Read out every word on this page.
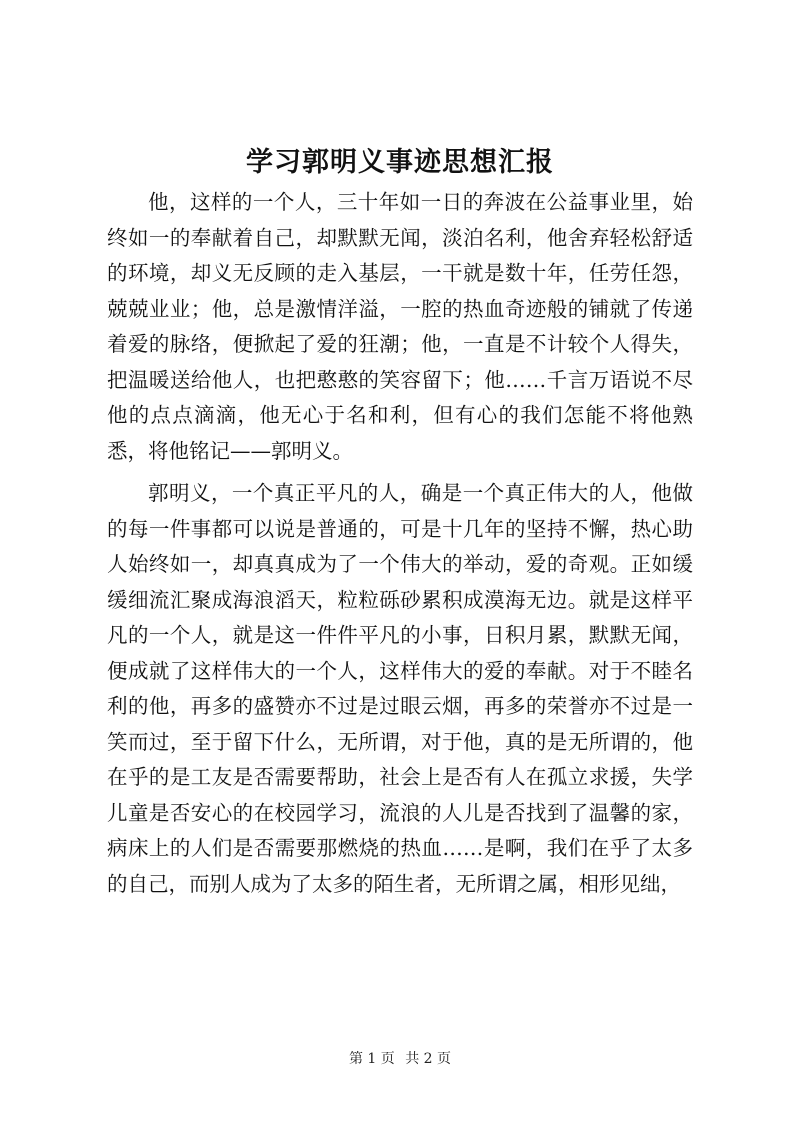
学习郭明义事迹思想汇报

他，这样的一个人，三十年如一日的奔波在公益事业里，始终如一的奉献着自己，却默默无闻，淡泊名利，他舍弃轻松舒适的环境，却义无反顾的走入基层，一干就是数十年，任劳任怨，兢兢业业；他，总是激情洋溢，一腔的热血奇迹般的铺就了传递着爱的脉络，便掀起了爱的狂潮；他，一直是不计较个人得失，把温暖送给他人，也把憨憨的笑容留下；他……千言万语说不尽他的点点滴滴，他无心于名和利，但有心的我们怎能不将他熟悉，将他铭记——郭明义。

郭明义，一个真正平凡的人，确是一个真正伟大的人，他做的每一件事都可以说是普通的，可是十几年的坚持不懈，热心助人始终如一，却真真成为了一个伟大的举动，爱的奇观。正如缓缓细流汇聚成海浪滔天，粒粒砾砂累积成漠海无边。就是这样平凡的一个人，就是这一件件平凡的小事，日积月累，默默无闻，便成就了这样伟大的一个人，这样伟大的爱的奉献。对于不睦名利的他，再多的盛赞亦不过是过眼云烟，再多的荣誉亦不过是一笑而过，至于留下什么，无所谓，对于他，真的是无所谓的，他在乎的是工友是否需要帮助，社会上是否有人在孤立求援，失学儿童是否安心的在校园学习，流浪的人儿是否找到了温馨的家，病床上的人们是否需要那燃烧的热血……是啊，我们在乎了太多的自己，而别人成为了太多的陌生者，无所谓之属，相形见绌，

第 1 页 共 2 页
